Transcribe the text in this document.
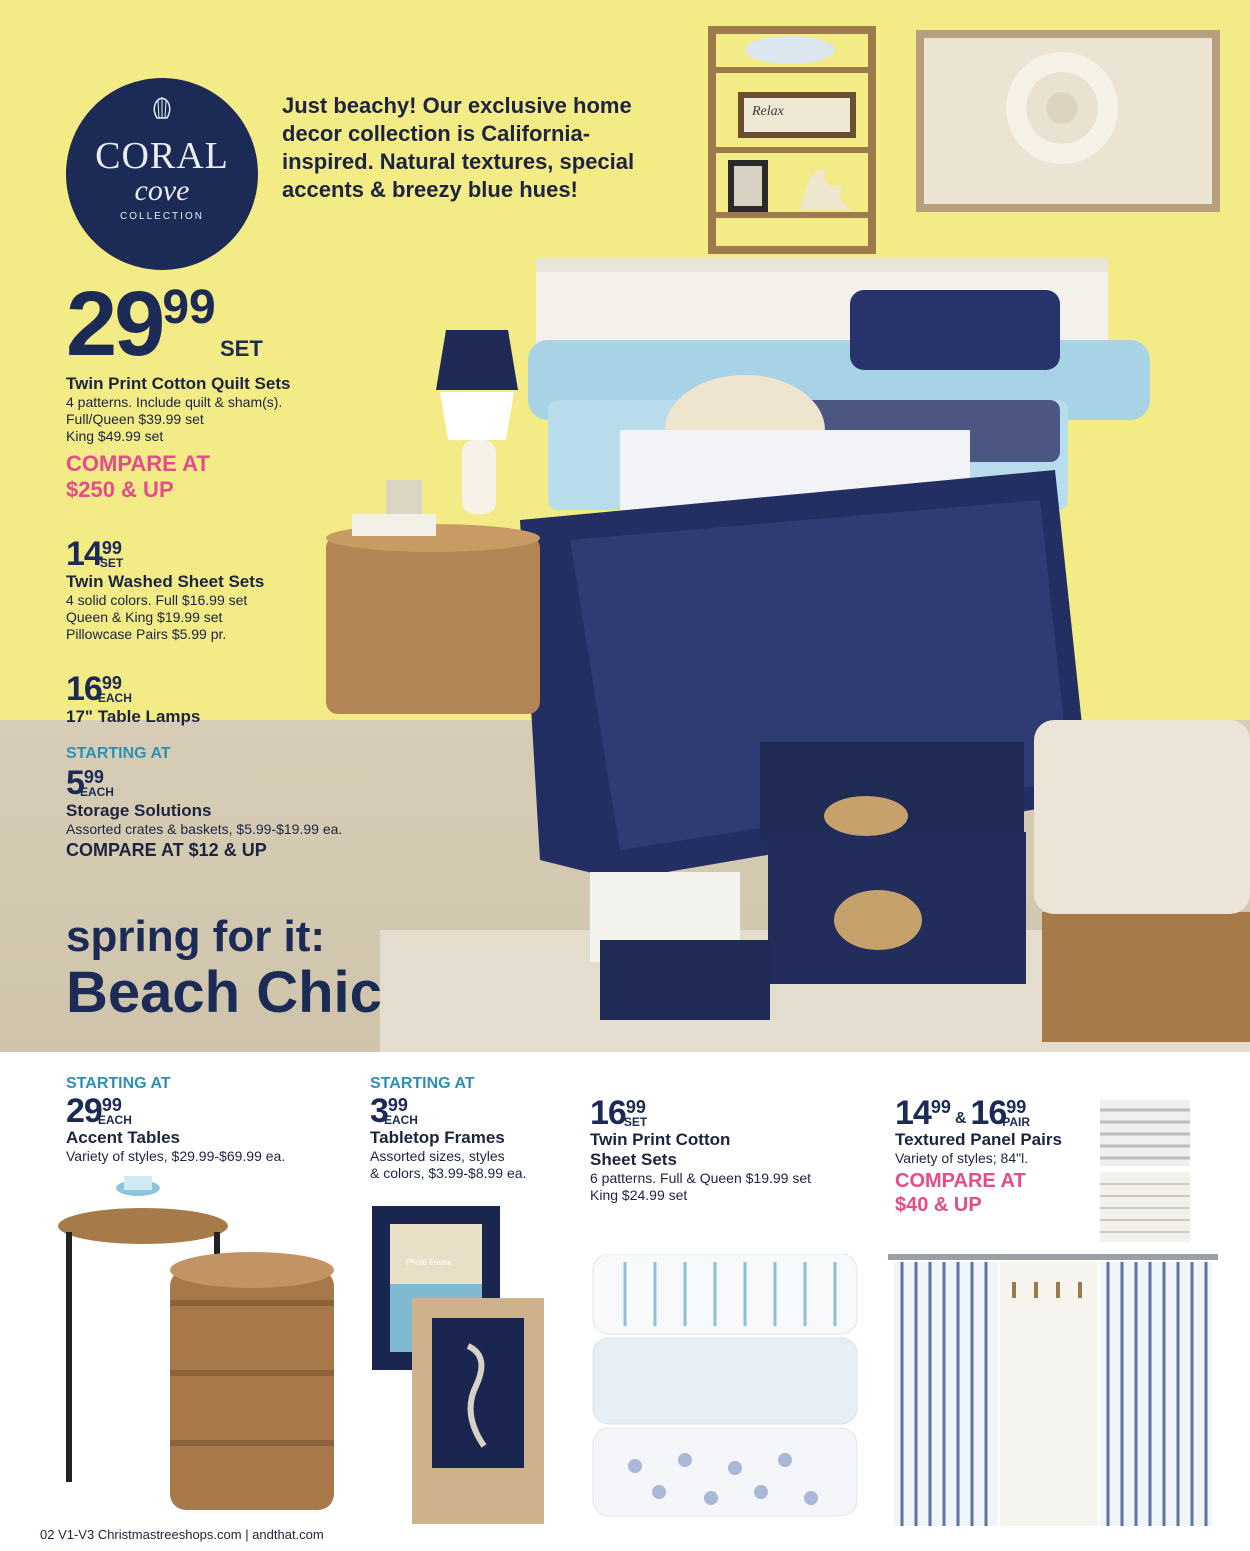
CORAL
cove
COLLECTION
Just beachy! Our exclusive home decor collection is California-inspired. Natural textures, special accents & breezy blue hues!
2999
SET
Twin Print Cotton Quilt Sets
4 patterns. Include quilt & sham(s).
Full/Queen $39.99 set
King $49.99 set
COMPARE AT
$250 & UP
1499SET
Twin Washed Sheet Sets
4 solid colors. Full $16.99 set
Queen & King $19.99 set
Pillowcase Pairs $5.99 pr.
1699EACH
17" Table Lamps
STARTING AT
599EACH
Storage Solutions
Assorted crates & baskets, $5.99-$19.99 ea.
COMPARE AT $12 & UP
spring for it:
Beach Chic
STARTING AT
2999EACH
Accent Tables
Variety of styles, $29.99-$69.99 ea.
STARTING AT
399EACH
Tabletop Frames
Assorted sizes, styles
& colors, $3.99-$8.99 ea.
Photo Frame
1699SET
Twin Print Cotton Sheet Sets
6 patterns. Full & Queen $19.99 set
King $24.99 set
1499& 1699PAIR
Textured Panel Pairs
Variety of styles; 84"l.
COMPARE AT
$40 & UP
Relax
02 V1-V3 Christmastreeshops.com | andthat.com
